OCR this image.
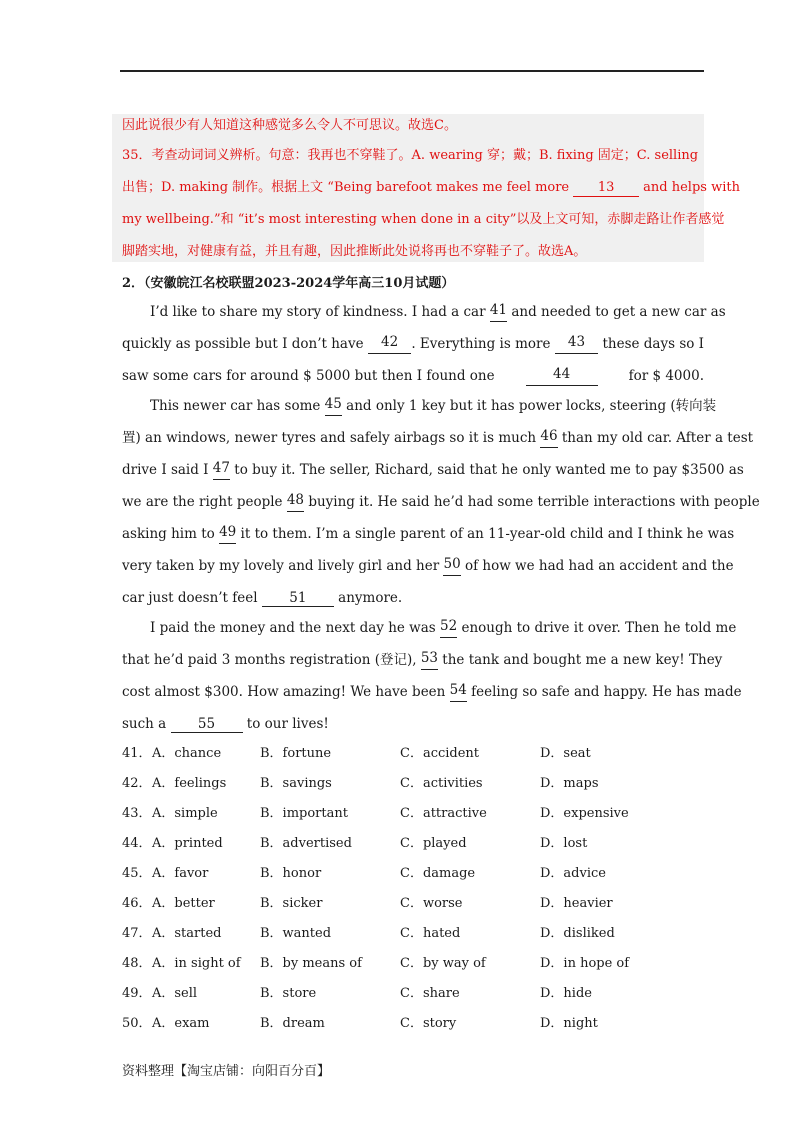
因此说很少有人知道这种感觉多么令人不可思议。故选C。
35．考查动词词义辨析。句意：我再也不穿鞋了。A. wearing 穿；戴；B. fixing 固定；C. selling
出售；D. making 制作。根据上文 “Being barefoot makes me feel more 13 and helps with
my wellbeing.”和 “it’s most interesting when done in a city”以及上文可知，赤脚走路让作者感觉
脚踏实地，对健康有益，并且有趣，因此推断此处说将再也不穿鞋子了。故选A。
2．（安徽皖江名校联盟2023-2024学年高三10月试题）
I’d like to share my story of kindness. I had a car 41 and needed to get a new car as
quickly as possible but I don’t have 42 . Everything is more 43 these days so I
saw some cars for around $ 5000 but then I found one	44	for $ 4000.
This newer car has some 45 and only 1 key but it has power locks, steering (转向装
置) an windows, newer tyres and safely airbags so it is much 46 than my old car. After a test
drive I said I 47 to buy it. The seller, Richard, said that he only wanted me to pay $3500 as
we are the right people 48 buying it. He said he’d had some terrible interactions with people
asking him to 49 it to them. I’m a single parent of an 11-year-old child and I think he was
very taken by my lovely and lively girl and her 50 of how we had had an accident and the
car just doesn’t feel 51 anymore.
I paid the money and the next day he was 52 enough to drive it over. Then he told me
that he’d paid 3 months registration (登记), 53 the tank and bought me a new key! They
cost almost $300. How amazing! We have been 54 feeling so safe and happy. He has made
such a 55 to our lives!
41． A．chance	B．fortune	C．accident	D．seat
42． A．feelings	B．savings	C．activities	D．maps
43． A．simple	B．important	C．attractive	D．expensive
44． A．printed	B．advertised	C．played	D．lost
45． A．favor	B．honor	C．damage	D．advice
46． A．better	B．sicker	C．worse	D．heavier
47． A．started	B．wanted	C．hated	D．disliked
48． A．in sight of B．by means of	C．by way of	D．in hope of
49． A．sell	B．store	C．share	D．hide
50． A．exam	B．dream	C．story	D．night
资料整理【淘宝店铺：向阳百分百】
